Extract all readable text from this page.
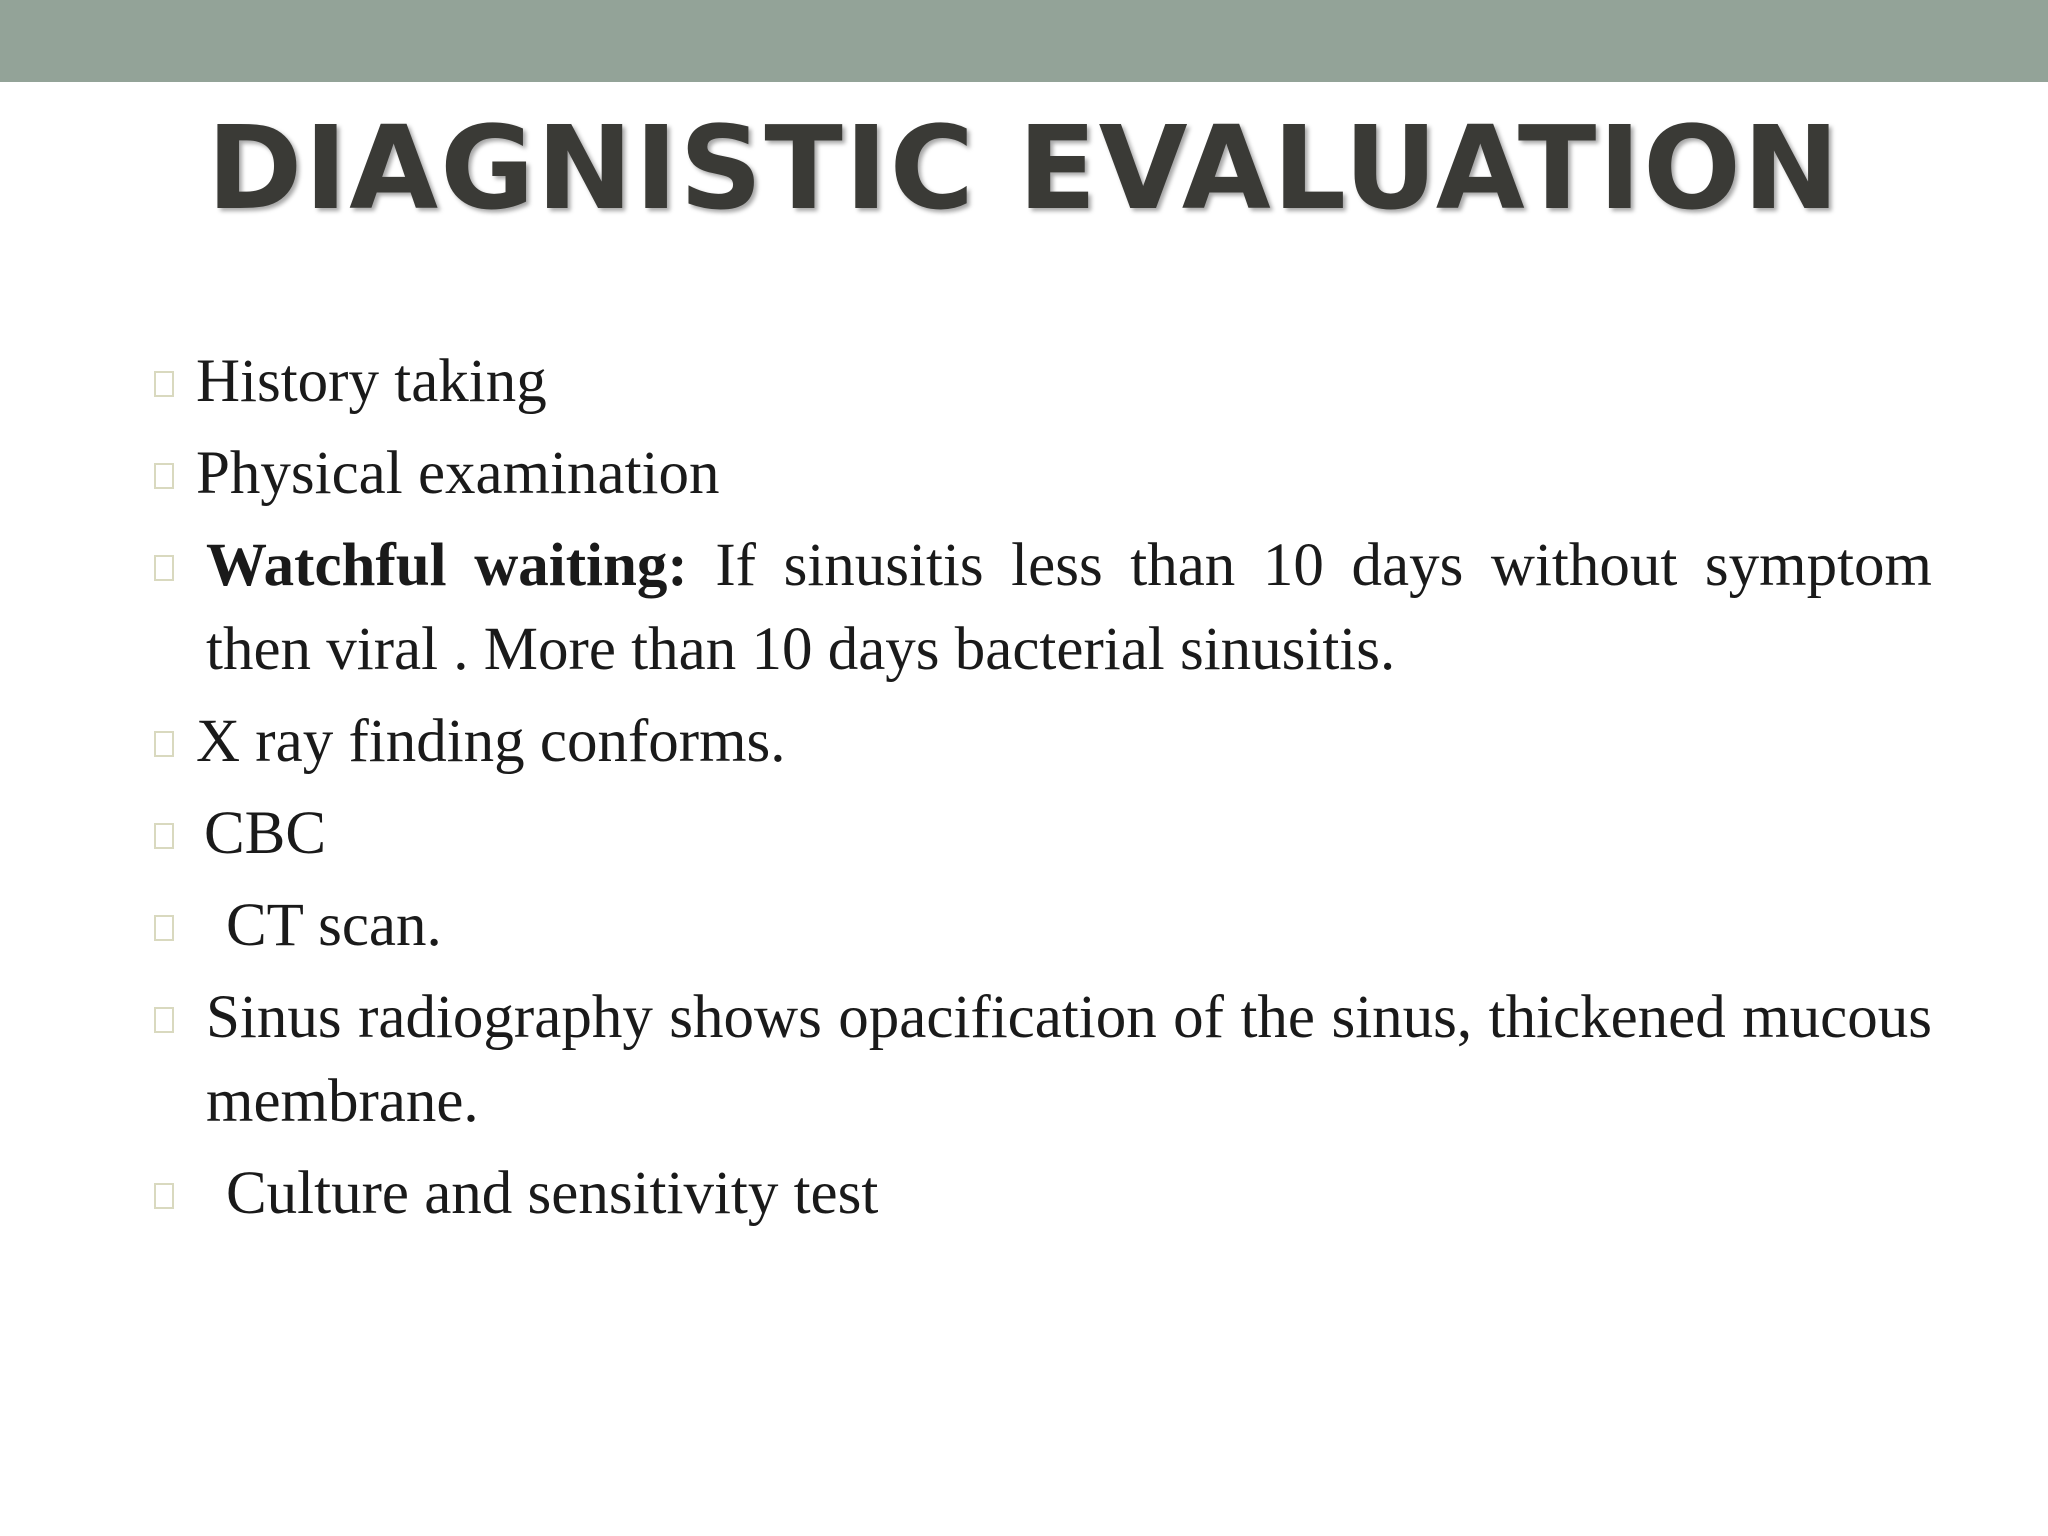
DIAGNISTIC EVALUATION
History taking
Physical examination
Watchful waiting: If sinusitis less than 10 days without symptom then viral . More than 10 days bacterial sinusitis.
X ray finding conforms.
CBC
CT scan.
Sinus radiography shows opacification of the sinus, thickened mucous membrane.
Culture and sensitivity test
